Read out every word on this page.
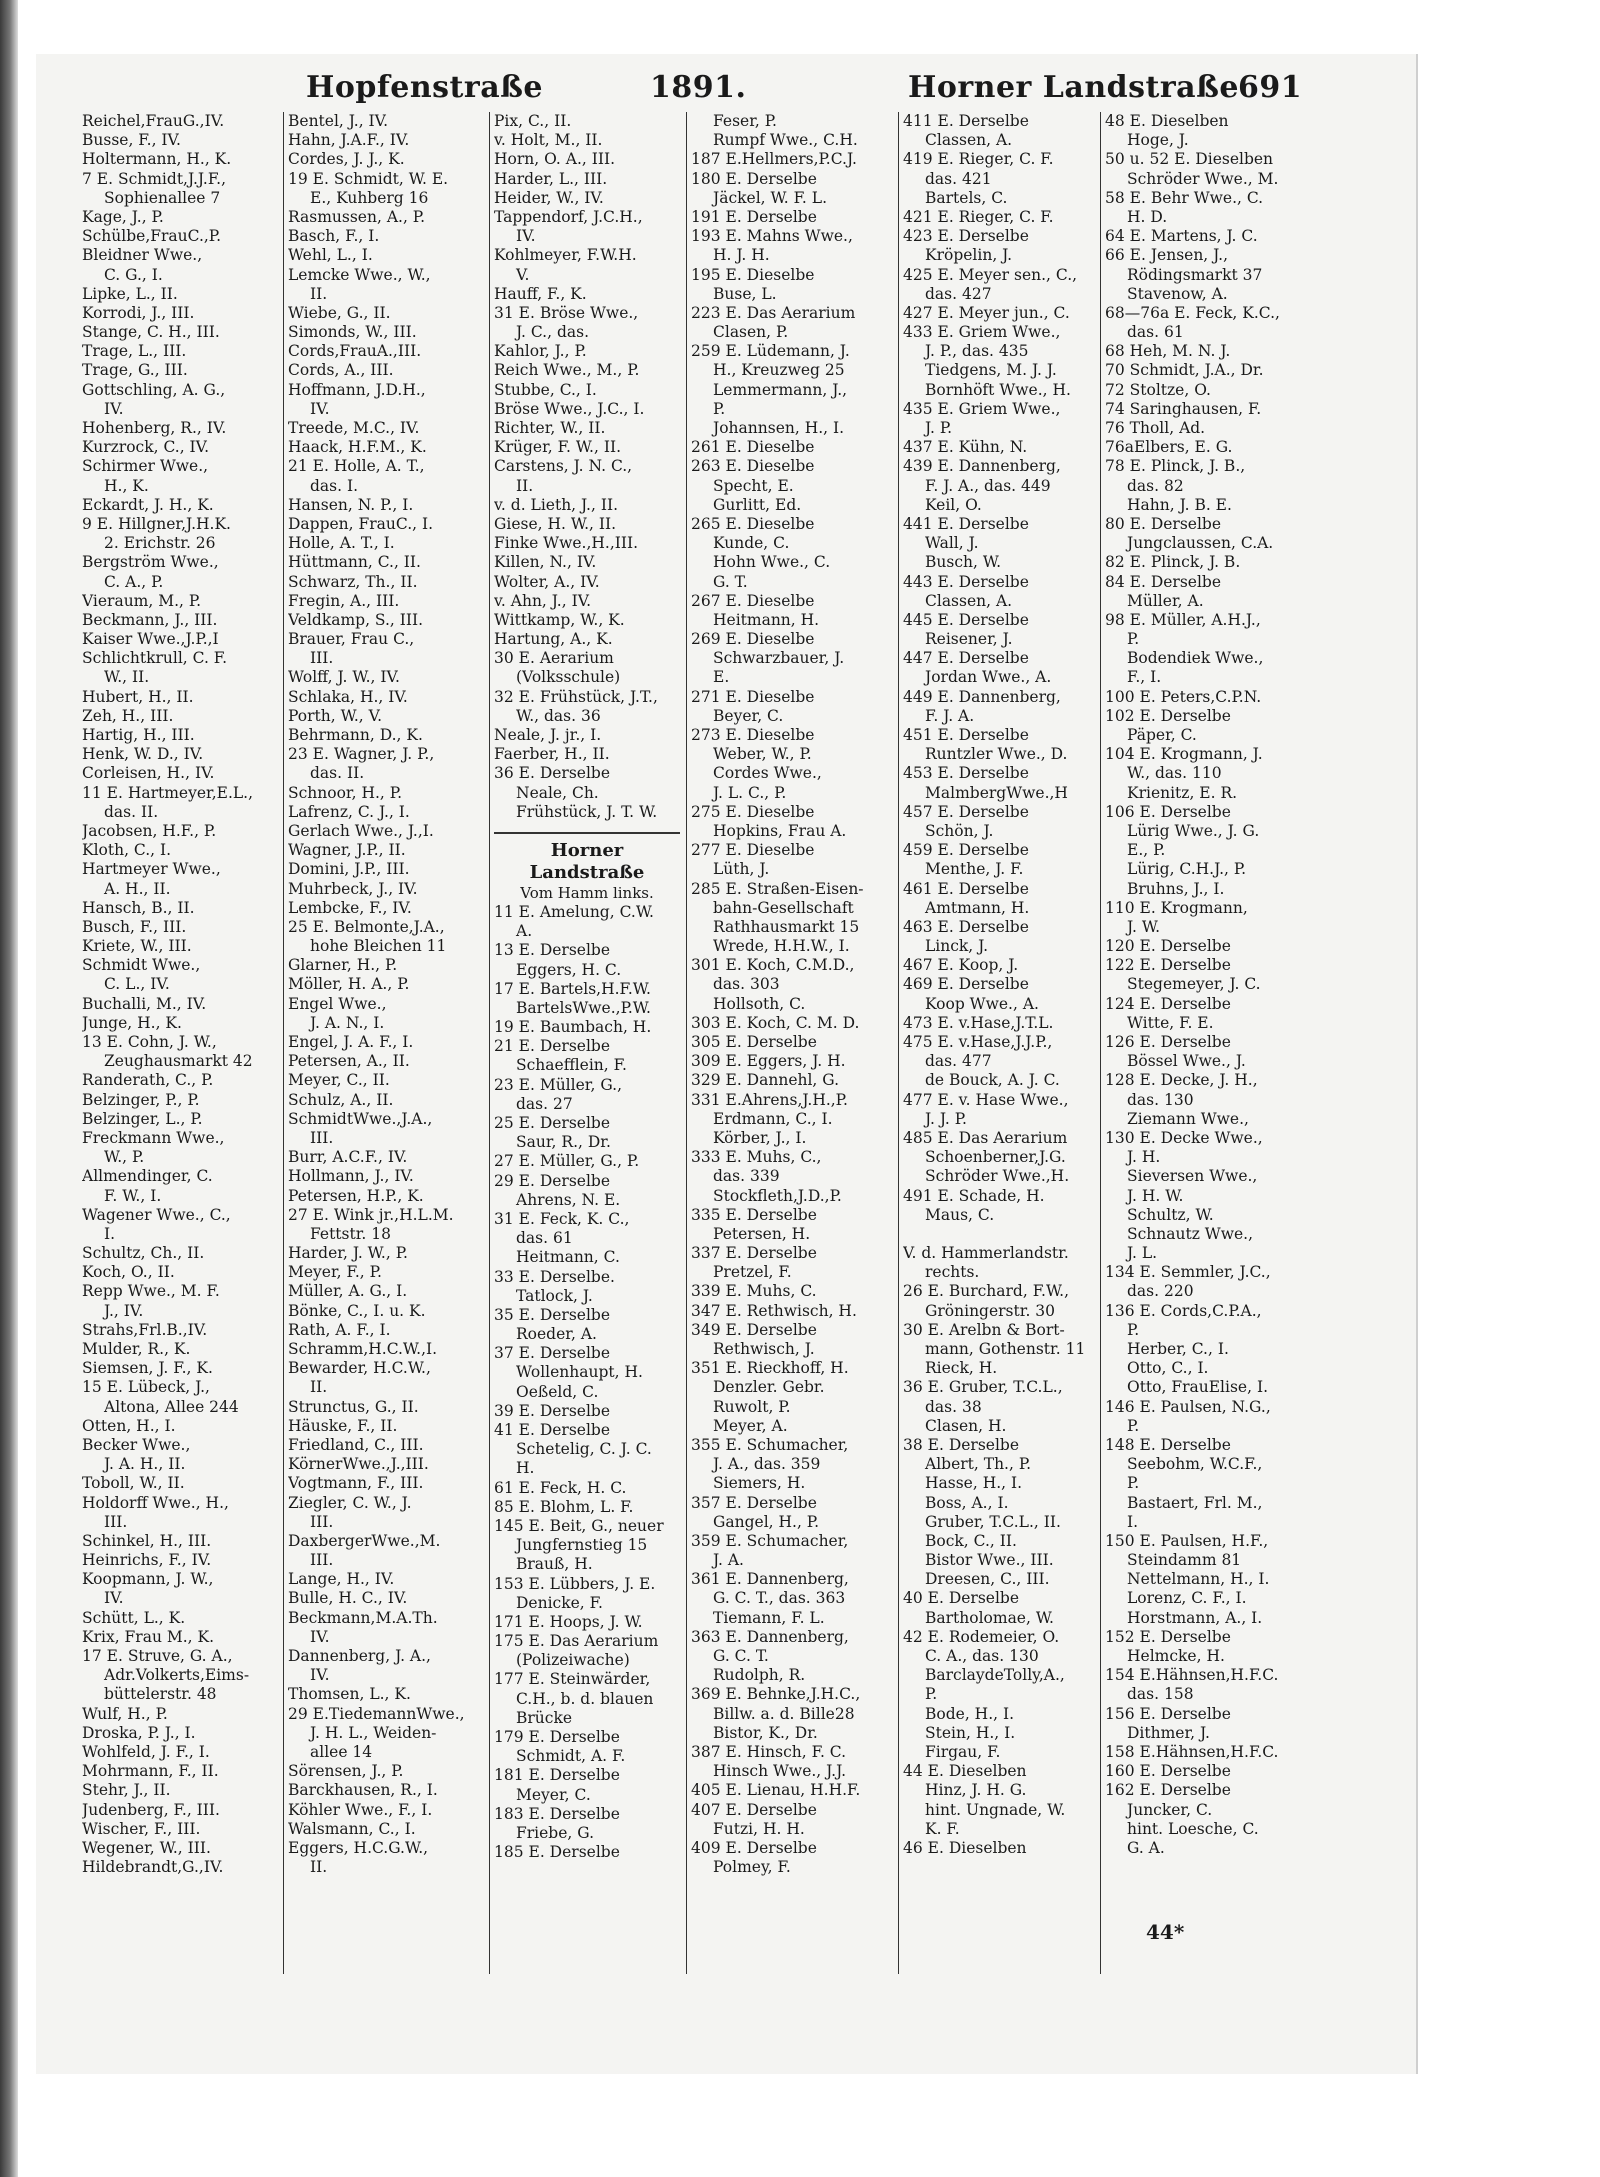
Hopfenstraße	1891.	Horner Landstraße 691
Reichel,FrauG.,IV.
Busse, F., IV.
Holtermann, H., K.
7 E. Schmidt,J.J.F.,
Sophienallee 7
Kage, J., P.
Schülbe,FrauC.,P.
Bleidner Wwe.,
C. G., I.
Lipke, L., II.
Korrodi, J., III.
Stange, C. H., III.
Trage, L., III.
Trage, G., III.
Gottschling, A. G.,
IV.
Hohenberg, R., IV.
Kurzrock, C., IV.
Schirmer Wwe.,
H., K.
Eckardt, J. H., K.
9 E. Hillgner,J.H.K.
2. Erichstr. 26
Bergström Wwe.,
C. A., P.
Vieraum, M., P.
Beckmann, J., III.
Kaiser Wwe.,J.P.,I
Schlichtkrull, C. F.
W., II.
Hubert, H., II.
Zeh, H., III.
Hartig, H., III.
Henk, W. D., IV.
Corleisen, H., IV.
11 E. Hartmeyer,E.L.,
das. II.
Jacobsen, H.F., P.
Kloth, C., I.
Hartmeyer Wwe.,
A. H., II.
Hansch, B., II.
Busch, F., III.
Kriete, W., III.
Schmidt Wwe.,
C. L., IV.
Buchalli, M., IV.
Junge, H., K.
13 E. Cohn, J. W.,
Zeughausmarkt 42
Randerath, C., P.
Belzinger, P., P.
Belzinger, L., P.
Freckmann Wwe.,
W., P.
Allmendinger, C.
F. W., I.
Wagener Wwe., C.,
I.
Schultz, Ch., II.
Koch, O., II.
Repp Wwe., M. F.
J., IV.
Strahs,Frl.B.,IV.
Mulder, R., K.
Siemsen, J. F., K.
15 E. Lübeck, J.,
Altona, Allee 244
Otten, H., I.
Becker Wwe.,
J. A. H., II.
Toboll, W., II.
Holdorff Wwe., H.,
III.
Schinkel, H., III.
Heinrichs, F., IV.
Koopmann, J. W.,
IV.
Schütt, L., K.
Krix, Frau M., K.
17 E. Struve, G. A.,
Adr.Volkerts,Eims-
büttelerstr. 48
Wulf, H., P.
Droska, P. J., I.
Wohlfeld, J. F., I.
Mohrmann, F., II.
Stehr, J., II.
Judenberg, F., III.
Wischer, F., III.
Wegener, W., III.
Hildebrandt,G.,IV.
Bentel, J., IV.
Hahn, J.A.F., IV.
Cordes, J. J., K.
19 E. Schmidt, W. E.
E., Kuhberg 16
Rasmussen, A., P.
Basch, F., I.
Wehl, L., I.
Lemcke Wwe., W.,
II.
Wiebe, G., II.
Simonds, W., III.
Cords,FrauA.,III.
Cords, A., III.
Hoffmann, J.D.H.,
IV.
Treede, M.C., IV.
Haack, H.F.M., K.
21 E. Holle, A. T.,
das. I.
Hansen, N. P., I.
Dappen, FrauC., I.
Holle, A. T., I.
Hüttmann, C., II.
Schwarz, Th., II.
Fregin, A., III.
Veldkamp, S., III.
Brauer, Frau C.,
III.
Wolff, J. W., IV.
Schlaka, H., IV.
Porth, W., V.
Behrmann, D., K.
23 E. Wagner, J. P.,
das. II.
Schnoor, H., P.
Lafrenz, C. J., I.
Gerlach Wwe., J.,I.
Wagner, J.P., II.
Domini, J.P., III.
Muhrbeck, J., IV.
Lembcke, F., IV.
25 E. Belmonte,J.A.,
hohe Bleichen 11
Glarner, H., P.
Möller, H. A., P.
Engel Wwe.,
J. A. N., I.
Engel, J. A. F., I.
Petersen, A., II.
Meyer, C., II.
Schulz, A., II.
SchmidtWwe.,J.A.,
III.
Burr, A.C.F., IV.
Hollmann, J., IV.
Petersen, H.P., K.
27 E. Wink jr.,H.L.M.
Fettstr. 18
Harder, J. W., P.
Meyer, F., P.
Müller, A. G., I.
Bönke, C., I. u. K.
Rath, A. F., I.
Schramm,H.C.W.,I.
Bewarder, H.C.W.,
II.
Strunctus, G., II.
Häuske, F., II.
Friedland, C., III.
KörnerWwe.,J.,III.
Vogtmann, F., III.
Ziegler, C. W., J.
III.
DaxbergerWwe.,M.
III.
Lange, H., IV.
Bulle, H. C., IV.
Beckmann,M.A.Th.
IV.
Dannenberg, J. A.,
IV.
Thomsen, L., K.
29 E.TiedemannWwe.,
J. H. L., Weiden-
allee 14
Sörensen, J., P.
Barckhausen, R., I.
Köhler Wwe., F., I.
Walsmann, C., I.
Eggers, H.C.G.W.,
II.
Pix, C., II.
v. Holt, M., II.
Horn, O. A., III.
Harder, L., III.
Heider, W., IV.
Tappendorf, J.C.H.,
IV.
Kohlmeyer, F.W.H.
V.
Hauff, F., K.
31 E. Bröse Wwe.,
J. C., das.
Kahlor, J., P.
Reich Wwe., M., P.
Stubbe, C., I.
Bröse Wwe., J.C., I.
Richter, W., II.
Krüger, F. W., II.
Carstens, J. N. C.,
II.
v. d. Lieth, J., II.
Giese, H. W., II.
Finke Wwe.,H.,III.
Killen, N., IV.
Wolter, A., IV.
v. Ahn, J., IV.
Wittkamp, W., K.
Hartung, A., K.
30 E. Aerarium
(Volksschule)
32 E. Frühstück, J.T.,
W., das. 36
Neale, J. jr., I.
Faerber, H., II.
36 E. Derselbe
Neale, Ch.
Frühstück, J. T. W.
Horner
Landstraße
Vom Hamm links.
11 E. Amelung, C.W.
A.
13 E. Derselbe
Eggers, H. C.
17 E. Bartels,H.F.W.
BartelsWwe.,P.W.
19 E. Baumbach, H.
21 E. Derselbe
Schaefflein, F.
23 E. Müller, G.,
das. 27
25 E. Derselbe
Saur, R., Dr.
27 E. Müller, G., P.
29 E. Derselbe
Ahrens, N. E.
31 E. Feck, K. C.,
das. 61
Heitmann, C.
33 E. Derselbe.
Tatlock, J.
35 E. Derselbe
Roeder, A.
37 E. Derselbe
Wollenhaupt, H.
Oeßeld, C.
39 E. Derselbe
41 E. Derselbe
Schetelig, C. J. C.
H.
61 E. Feck, H. C.
85 E. Blohm, L. F.
145 E. Beit, G., neuer
Jungfernstieg 15
Brauß, H.
153 E. Lübbers, J. E.
Denicke, F.
171 E. Hoops, J. W.
175 E. Das Aerarium
(Polizeiwache)
177 E. Steinwärder,
C.H., b. d. blauen
Brücke
179 E. Derselbe
Schmidt, A. F.
181 E. Derselbe
Meyer, C.
183 E. Derselbe
Friebe, G.
185 E. Derselbe
Feser, P.
Rumpf Wwe., C.H.
187 E.Hellmers,P.C.J.
180 E. Derselbe
Jäckel, W. F. L.
191 E. Derselbe
193 E. Mahns Wwe.,
H. J. H.
195 E. Dieselbe
Buse, L.
223 E. Das Aerarium
Clasen, P.
259 E. Lüdemann, J.
H., Kreuzweg 25
Lemmermann, J.,
P.
Johannsen, H., I.
261 E. Dieselbe
263 E. Dieselbe
Specht, E.
Gurlitt, Ed.
265 E. Dieselbe
Kunde, C.
Hohn Wwe., C.
G. T.
267 E. Dieselbe
Heitmann, H.
269 E. Dieselbe
Schwarzbauer, J.
E.
271 E. Dieselbe
Beyer, C.
273 E. Dieselbe
Weber, W., P.
Cordes Wwe.,
J. L. C., P.
275 E. Dieselbe
Hopkins, Frau A.
277 E. Dieselbe
Lüth, J.
285 E. Straßen-Eisen-
bahn-Gesellschaft
Rathhausmarkt 15
Wrede, H.H.W., I.
301 E. Koch, C.M.D.,
das. 303
Hollsoth, C.
303 E. Koch, C. M. D.
305 E. Derselbe
309 E. Eggers, J. H.
329 E. Dannehl, G.
331 E.Ahrens,J.H.,P.
Erdmann, C., I.
Körber, J., I.
333 E. Muhs, C.,
das. 339
Stockfleth,J.D.,P.
335 E. Derselbe
Petersen, H.
337 E. Derselbe
Pretzel, F.
339 E. Muhs, C.
347 E. Rethwisch, H.
349 E. Derselbe
Rethwisch, J.
351 E. Rieckhoff, H.
Denzler. Gebr.
Ruwolt, P.
Meyer, A.
355 E. Schumacher,
J. A., das. 359
Siemers, H.
357 E. Derselbe
Gangel, H., P.
359 E. Schumacher,
J. A.
361 E. Dannenberg,
G. C. T., das. 363
Tiemann, F. L.
363 E. Dannenberg,
G. C. T.
Rudolph, R.
369 E. Behnke,J.H.C.,
Billw. a. d. Bille28
Bistor, K., Dr.
387 E. Hinsch, F. C.
Hinsch Wwe., J.J.
405 E. Lienau, H.H.F.
407 E. Derselbe
Futzi, H. H.
409 E. Derselbe
Polmey, F.
411 E. Derselbe
Classen, A.
419 E. Rieger, C. F.
das. 421
Bartels, C.
421 E. Rieger, C. F.
423 E. Derselbe
Kröpelin, J.
425 E. Meyer sen., C.,
das. 427
427 E. Meyer jun., C.
433 E. Griem Wwe.,
J. P., das. 435
Tiedgens, M. J. J.
Bornhöft Wwe., H.
435 E. Griem Wwe.,
J. P.
437 E. Kühn, N.
439 E. Dannenberg,
F. J. A., das. 449
Keil, O.
441 E. Derselbe
Wall, J.
Busch, W.
443 E. Derselbe
Classen, A.
445 E. Derselbe
Reisener, J.
447 E. Derselbe
Jordan Wwe., A.
449 E. Dannenberg,
F. J. A.
451 E. Derselbe
Runtzler Wwe., D.
453 E. Derselbe
MalmbergWwe.,H
457 E. Derselbe
Schön, J.
459 E. Derselbe
Menthe, J. F.
461 E. Derselbe
Amtmann, H.
463 E. Derselbe
Linck, J.
467 E. Koop, J.
469 E. Derselbe
Koop Wwe., A.
473 E. v.Hase,J.T.L.
475 E. v.Hase,J.J.P.,
das. 477
de Bouck, A. J. C.
477 E. v. Hase Wwe.,
J. J. P.
485 E. Das Aerarium
Schoenberner,J.G.
Schröder Wwe.,H.
491 E. Schade, H.
Maus, C.
V. d. Hammerlandstr.
rechts.
26 E. Burchard, F.W.,
Gröningerstr. 30
30 E. Arelbn & Bort-
mann, Gothenstr. 11
Rieck, H.
36 E. Gruber, T.C.L.,
das. 38
Clasen, H.
38 E. Derselbe
Albert, Th., P.
Hasse, H., I.
Boss, A., I.
Gruber, T.C.L., II.
Bock, C., II.
Bistor Wwe., III.
Dreesen, C., III.
40 E. Derselbe
Bartholomae, W.
42 E. Rodemeier, O.
C. A., das. 130
BarclaydeTolly,A.,
P.
Bode, H., I.
Stein, H., I.
Firgau, F.
44 E. Dieselben
Hinz, J. H. G.
hint. Ungnade, W.
K. F.
46 E. Dieselben
48 E. Dieselben
Hoge, J.
50 u. 52 E. Dieselben
Schröder Wwe., M.
58 E. Behr Wwe., C.
H. D.
64 E. Martens, J. C.
66 E. Jensen, J.,
Rödingsmarkt 37
Stavenow, A.
68—76a E. Feck, K.C.,
das. 61
68 Heh, M. N. J.
70 Schmidt, J.A., Dr.
72 Stoltze, O.
74 Saringhausen, F.
76 Tholl, Ad.
76aElbers, E. G.
78 E. Plinck, J. B.,
das. 82
Hahn, J. B. E.
80 E. Derselbe
Jungclaussen, C.A.
82 E. Plinck, J. B.
84 E. Derselbe
Müller, A.
98 E. Müller, A.H.J.,
P.
Bodendiek Wwe.,
F., I.
100 E. Peters,C.P.N.
102 E. Derselbe
Päper, C.
104 E. Krogmann, J.
W., das. 110
Krienitz, E. R.
106 E. Derselbe
Lürig Wwe., J. G.
E., P.
Lürig, C.H.J., P.
Bruhns, J., I.
110 E. Krogmann,
J. W.
120 E. Derselbe
122 E. Derselbe
Stegemeyer, J. C.
124 E. Derselbe
Witte, F. E.
126 E. Derselbe
Bössel Wwe., J.
128 E. Decke, J. H.,
das. 130
Ziemann Wwe.,
130 E. Decke Wwe.,
J. H.
Sieversen Wwe.,
J. H. W.
Schultz, W.
Schnautz Wwe.,
J. L.
134 E. Semmler, J.C.,
das. 220
136 E. Cords,C.P.A.,
P.
Herber, C., I.
Otto, C., I.
Otto, FrauElise, I.
146 E. Paulsen, N.G.,
P.
148 E. Derselbe
Seebohm, W.C.F.,
P.
Bastaert, Frl. M.,
I.
150 E. Paulsen, H.F.,
Steindamm 81
Nettelmann, H., I.
Lorenz, C. F., I.
Horstmann, A., I.
152 E. Derselbe
Helmcke, H.
154 E.Hähnsen,H.F.C.
das. 158
156 E. Derselbe
Dithmer, J.
158 E.Hähnsen,H.F.C.
160 E. Derselbe
162 E. Derselbe
Juncker, C.
hint. Loesche, C.
G. A.
44*
